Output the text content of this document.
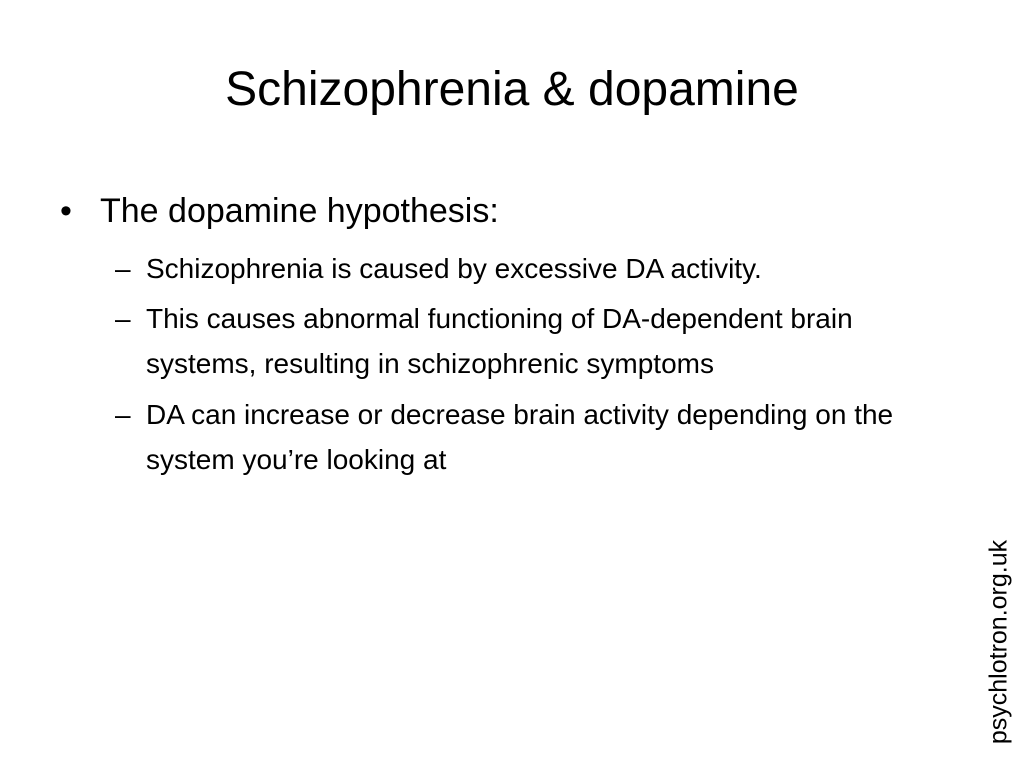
Schizophrenia & dopamine
• The dopamine hypothesis:
– Schizophrenia is caused by excessive DA activity.
– This causes abnormal functioning of DA-dependent brain systems, resulting in schizophrenic symptoms
– DA can increase or decrease brain activity depending on the system you’re looking at
psychlotron.org.uk
